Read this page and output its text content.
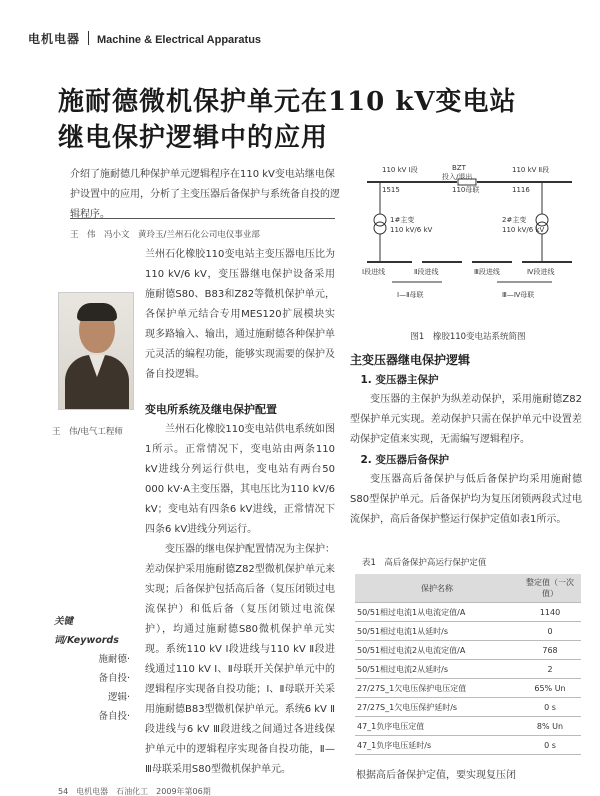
电机电器 Machine & Electrical Apparatus
施耐德微机保护单元在110 kV变电站
继电保护逻辑中的应用
介绍了施耐德几种保护单元逻辑程序在110 kV变电站继电保护设置中的应用，分析了主变压器后备保护与系统备自投的逻辑程序。
王　伟　冯小文　黄玲玉/兰州石化公司电仪事业部
王　伟/电气工程师
兰州石化橡胶110变电站主变压器电压比为110 kV/6 kV，变压器继电保护设备采用施耐德S80、B83和Z82等微机保护单元，各保护单元结合专用MES120扩展模块实现多路输入、输出，通过施耐德各种保护单元灵活的编程功能，能够实现需要的保护及备自投逻辑。
变电所系统及继电保护配置
兰州石化橡胶110变电站供电系统如图1所示。正常情况下，变电站由两条110 kV进线分列运行供电，变电站有两台50 000 kV·A主变压器，其电压比为110 kV/6 kV；变电站有四条6 kV进线，正常情况下四条6 kV进线分列运行。
变压器的继电保护配置情况为主保护：差动保护采用施耐德Z82型微机保护单元来实现；后备保护包括高后备（复压闭锁过电流保护）和低后备（复压闭锁过电流保护），均通过施耐德S80微机保护单元实现。系统110 kV Ⅰ段进线与110 kV Ⅱ段进线通过110 kV Ⅰ、Ⅱ母联开关保护单元中的逻辑程序实现备自投功能；Ⅰ、Ⅱ母联开关采用施耐德B83型微机保护单元。系统6 kV Ⅱ段进线与6 kV Ⅲ段进线之间通过各进线保护单元中的逻辑程序实现备自投功能，Ⅱ—Ⅲ母联采用S80型微机保护单元。
关键词/Keywords
施耐德·
备自投·
逻辑·
备自投·
110 kV Ⅰ段	110 kV Ⅱ段
BZT
投入/退出
110母联
1515	1116
1#主变
110 kV/6 kV
2#主变
110 kV/6 kV
Ⅰ段进线	Ⅱ段进线	Ⅲ段进线	Ⅳ段进线
Ⅰ—Ⅱ母联	Ⅲ—Ⅳ母联
图1　橡胶110变电站系统简图
主变压器继电保护逻辑
1. 变压器主保护
变压器的主保护为纵差动保护，采用施耐德Z82型保护单元实现。差动保护只需在保护单元中设置差动保护定值来实现，无需编写逻辑程序。
2. 变压器后备保护
变压器高后备保护与低后备保护均采用施耐德S80型保护单元。后备保护均为复压闭锁两段式过电流保护，高后备保护整运行保护定值如表1所示。
表1　高后备保护高运行保护定值
保护名称	整定值（一次值）
50/51相过电流1从电流定值/A	1140
50/51相过电流1从延时/s	0
50/51相过电流2从电流定值/A	768
50/51相过电流2从延时/s	2
27/27S_1欠电压保护电压定值	65% Un
27/27S_1欠电压保护延时/s	0 s
47_1负序电压定值	8% Un
47_1负序电压延时/s	0 s
根据高后备保护定值，要实现复压闭
54　电机电器　石油化工　2009年第06期
